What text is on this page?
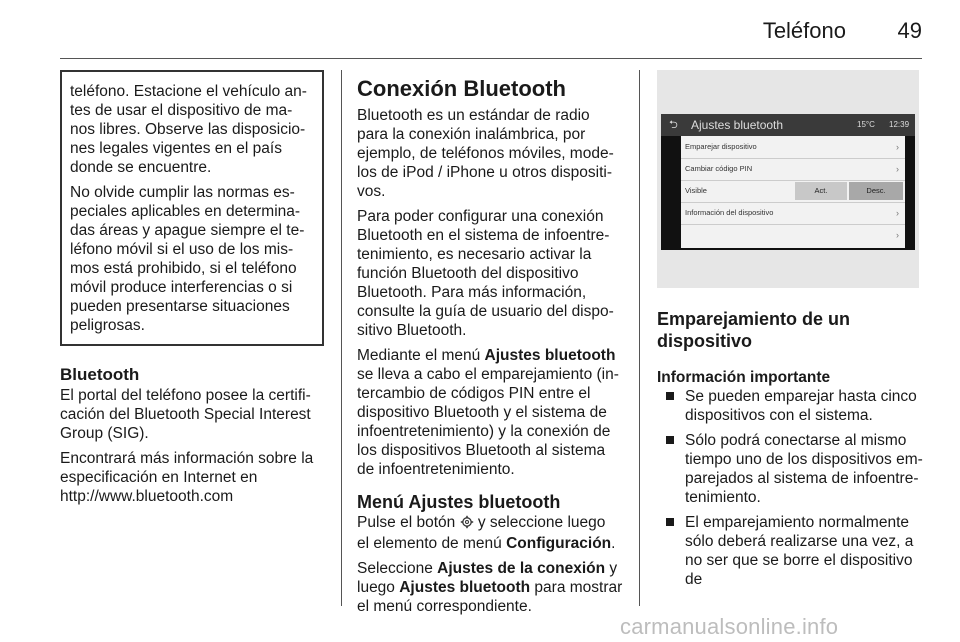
Teléfono 49

teléfono. Estacione el vehículo an-

tes de usar el dispositivo de ma-

nos libres. Observe las disposicio-

nes legales vigentes en el país

donde se encuentre.

No olvide cumplir las normas es-

peciales aplicables en determina-

das áreas y apague siempre el te-

léfono móvil si el uso de los mis-

mos está prohibido, si el teléfono

móvil produce interferencias o si

pueden presentarse situaciones

peligrosas.

Bluetooth

El portal del teléfono posee la certifi-

cación del Bluetooth Special Interest

Group (SIG).

Encontrará más información sobre la

especificación en Internet en

http://www.bluetooth.com

Conexión Bluetooth

Bluetooth es un estándar de radio

para la conexión inalámbrica, por

ejemplo, de teléfonos móviles, mode-

los de iPod / iPhone u otros dispositi-

vos.

Para poder configurar una conexión

Bluetooth en el sistema de infoentre-

tenimiento, es necesario activar la

función Bluetooth del dispositivo

Bluetooth. Para más información,

consulte la guía de usuario del dispo-

sitivo Bluetooth.

Mediante el menú Ajustes bluetooth

se lleva a cabo el emparejamiento (in-

tercambio de códigos PIN entre el

dispositivo Bluetooth y el sistema de

infoentretenimiento) y la conexión de

los dispositivos Bluetooth al sistema

de infoentretenimiento.

Menú Ajustes bluetooth

Pulse el botón  y seleccione luego

el elemento de menú Configuración.

Seleccione Ajustes de la conexión y

luego Ajustes bluetooth para mostrar

el menú correspondiente.

⮌ Ajustes bluetooth	15°C 12:39
Emparejar dispositivo	›
Cambiar código PIN	›
Visible	Act.	Desc.
Información del dispositivo	›
›
Emparejamiento de un
dispositivo
Información importante
Se pueden emparejar hasta cinco
dispositivos con el sistema.
Sólo podrá conectarse al mismo
tiempo uno de los dispositivos em-
parejados al sistema de infoentre-
tenimiento.
El emparejamiento normalmente
sólo deberá realizarse una vez, a
no ser que se borre el dispositivo de
carmanualsonline.info
